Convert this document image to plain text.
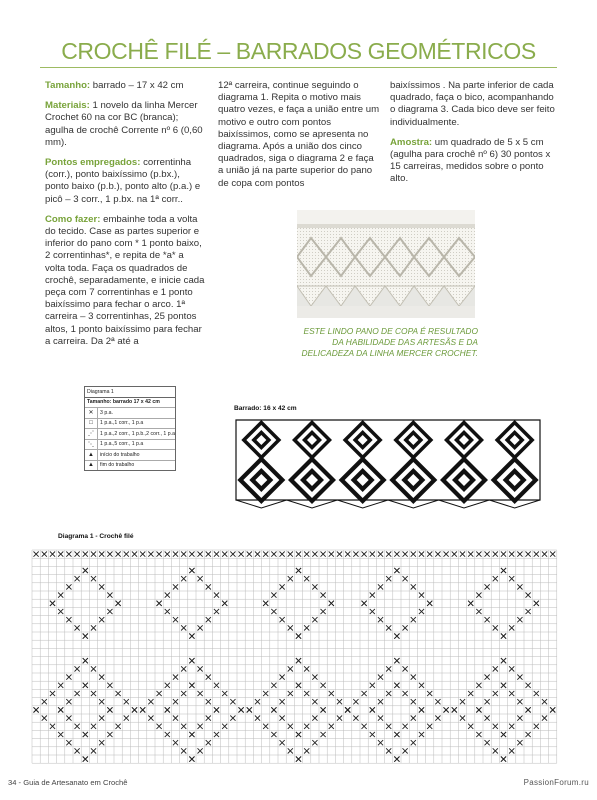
CROCHÊ FILÉ – BARRADOS GEOMÉTRICOS

Tamanho: barrado – 17 x 42 cm

Materiais: 1 novelo da linha Mercer Crochet 60 na cor BC (branca); agulha de crochê Corrente nº 6 (0,60 mm).

Pontos empregados: correntinha (corr.), ponto baixíssimo (p.bx.), ponto baixo (p.b.), ponto alto (p.a.) e picô – 3 corr., 1 p.bx. na 1ª corr..

Como fazer: embainhe toda a volta do tecido. Case as partes superior e inferior do pano com * 1 ponto baixo, 2 correntinhas*, e repita de *a* a volta toda. Faça os quadrados de crochê, separadamente, e inicie cada peça com 7 correntinhas e 1 ponto baixíssimo para fechar o arco. 1ª carreira – 3 correntinhas, 25 pontos altos, 1 ponto baixíssimo para fechar a carreira. Da 2ª até a

12ª carreira, continue seguindo o diagrama 1. Repita o motivo mais quatro vezes, e faça a união entre um motivo e outro com pontos baixíssimos, como se apresenta no diagrama. Após a união dos cinco quadrados, siga o diagrama 2 e faça a união já na parte superior do pano de copa com pontos

baixíssimos . Na parte inferior de cada quadrado, faça o bico, acompanhando o diagrama 3. Cada bico deve ser feito individualmente.

Amostra: um quadrado de 5 x 5 cm (agulha para crochê nº 6) 30 pontos x 15 carreiras, medidos sobre o ponto alto.

ESTE LINDO PANO DE COPA É RESULTADO DA HABILIDADE DAS ARTESÃS E DA DELICADEZA DA LINHA MERCER CROCHET.
Diagrama 1
Tamanho: barrado 17 x 42 cm
✕	3 p.a.
□	1 p.a.,1 corr., 1 p.a
⋰	1 p.a.,2 corr., 1 p.b.,2 corr., 1 p.a
⋱	1 p.a.,5 corr., 1 p.a
▲	início do trabalho
▲	fim do trabalho
Barrado: 16 x 42 cm
Diagrama 1 - Crochê filé
34 - Guia de Artesanato em Crochê	PassionForum.ru
